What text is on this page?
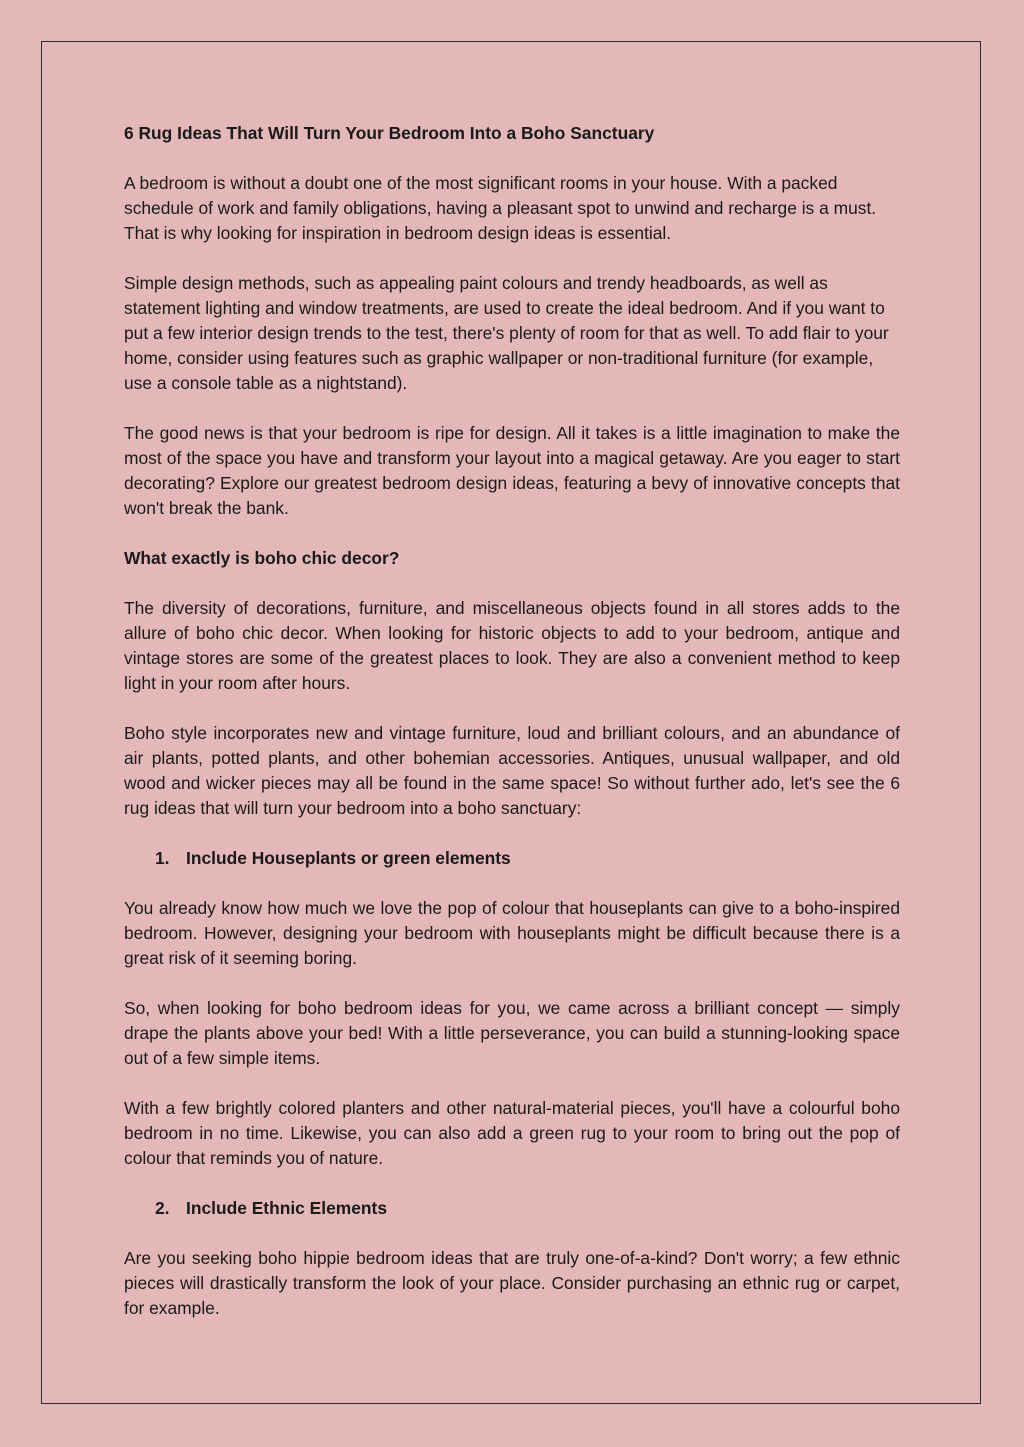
6 Rug Ideas That Will Turn Your Bedroom Into a Boho Sanctuary

A bedroom is without a doubt one of the most significant rooms in your house. With a packed schedule of work and family obligations, having a pleasant spot to unwind and recharge is a must. That is why looking for inspiration in bedroom design ideas is essential.

Simple design methods, such as appealing paint colours and trendy headboards, as well as statement lighting and window treatments, are used to create the ideal bedroom. And if you want to put a few interior design trends to the test, there's plenty of room for that as well. To add flair to your home, consider using features such as graphic wallpaper or non-traditional furniture (for example, use a console table as a nightstand).

The good news is that your bedroom is ripe for design. All it takes is a little imagination to make the most of the space you have and transform your layout into a magical getaway. Are you eager to start decorating? Explore our greatest bedroom design ideas, featuring a bevy of innovative concepts that won't break the bank.

What exactly is boho chic decor?

The diversity of decorations, furniture, and miscellaneous objects found in all stores adds to the allure of boho chic decor. When looking for historic objects to add to your bedroom, antique and vintage stores are some of the greatest places to look. They are also a convenient method to keep light in your room after hours.

Boho style incorporates new and vintage furniture, loud and brilliant colours, and an abundance of air plants, potted plants, and other bohemian accessories. Antiques, unusual wallpaper, and old wood and wicker pieces may all be found in the same space! So without further ado, let's see the 6 rug ideas that will turn your bedroom into a boho sanctuary:

1. Include Houseplants or green elements

You already know how much we love the pop of colour that houseplants can give to a boho-inspired bedroom. However, designing your bedroom with houseplants might be difficult because there is a great risk of it seeming boring.

So, when looking for boho bedroom ideas for you, we came across a brilliant concept — simply drape the plants above your bed! With a little perseverance, you can build a stunning-looking space out of a few simple items.

With a few brightly colored planters and other natural-material pieces, you'll have a colourful boho bedroom in no time. Likewise, you can also add a green rug to your room to bring out the pop of colour that reminds you of nature.

2. Include Ethnic Elements

Are you seeking boho hippie bedroom ideas that are truly one-of-a-kind? Don't worry; a few ethnic pieces will drastically transform the look of your place. Consider purchasing an ethnic rug or carpet, for example.
